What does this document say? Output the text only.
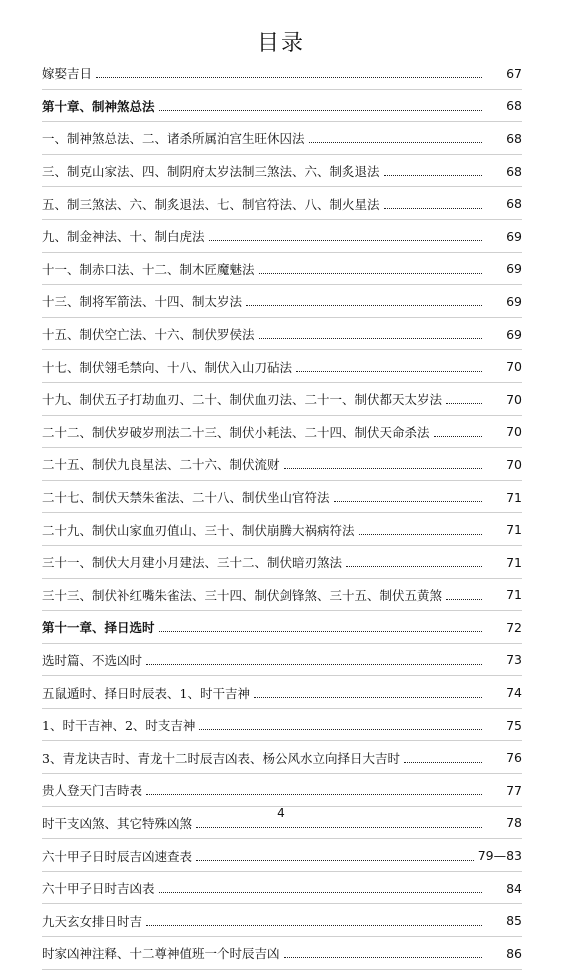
目录
嫁娶吉日	67
第十章、制神煞总法	68
一、制神煞总法、二、诸杀所属泊宫生旺休囚法	68
三、制克山家法、四、制阴府太岁法制三煞法、六、制炙退法	68
五、制三煞法、六、制炙退法、七、制官符法、八、制火星法	68
九、制金神法、十、制白虎法	69
十一、制赤口法、十二、制木匠魔魅法	69
十三、制将军箭法、十四、制太岁法	69
十五、制伏空亡法、十六、制伏罗侯法	69
十七、制伏翎毛禁向、十八、制伏入山刀砧法	70
十九、制伏五子打劫血刃、二十、制伏血刃法、二十一、制伏都天太岁法	70
二十二、制伏岁破岁刑法二十三、制伏小耗法、二十四、制伏天命杀法	70
二十五、制伏九良星法、二十六、制伏流财	70
二十七、制伏天禁朱雀法、二十八、制伏坐山官符法	71
二十九、制伏山家血刃值山、三十、制伏崩腾大祸病符法	71
三十一、制伏大月建小月建法、三十二、制伏暗刃煞法	71
三十三、制伏补红嘴朱雀法、三十四、制伏剑锋煞、三十五、制伏五黄煞	71
第十一章、择日选时	72
选时篇、不选凶时	73
五鼠遁时、择日时辰表、1、时干吉神	74
1、时干吉神、2、时支吉神	75
3、青龙诀吉时、青龙十二时辰吉凶表、杨公风水立向择日大吉时	76
贵人登天门吉時表	77
时干支凶煞、其它特殊凶煞	78
六十甲子日时辰吉凶速查表	79—83
六十甲子日时吉凶表	84
九天玄女排日时吉	85
时家凶神注释、十二尊神值班一个时辰吉凶	86
4
